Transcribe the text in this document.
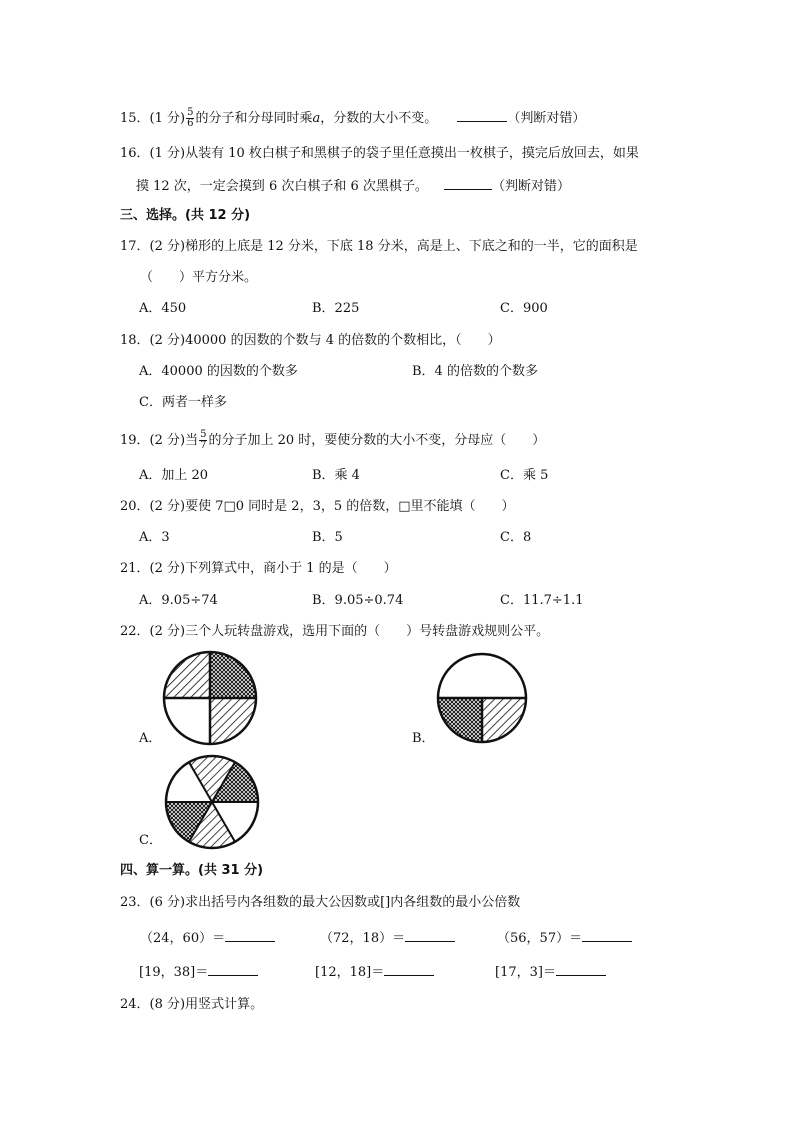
15．(1 分) $\frac{5}{6}$ 的分子和分母同时乘a，分数的大小不变。	（判断对错）
16．(1 分)从装有 10 枚白棋子和黑棋子的袋子里任意摸出一枚棋子，摸完后放回去，如果
摸 12 次，一定会摸到 6 次白棋子和 6 次黑棋子。	（判断对错）
三、选择。(共 12 分)
17．(2 分)梯形的上底是 12 分米，下底 18 分米，高是上、下底之和的一半，它的面积是
（　　）平方分米。
A．450	B．225	C．900
18．(2 分)40000 的因数的个数与 4 的倍数的个数相比，（　　）
A．40000 的因数的个数多	B．4 的倍数的个数多
C．两者一样多
19．(2 分)当 $\frac{5}{7}$ 的分子加上 20 时，要使分数的大小不变，分母应（　　）
A．加上 20	B．乘 4	C．乘 5
20．(2 分)要使 7□0 同时是 2，3，5 的倍数，□里不能填（　　）
A．3	B．5	C．8
21．(2 分)下列算式中，商小于 1 的是（　　）
A．9.05÷74	B．9.05÷0.74	C．11.7÷1.1
22．(2 分)三个人玩转盘游戏，选用下面的（　　）号转盘游戏规则公平。
A．	B．
C．
四、算一算。(共 31 分)
23．(6 分)求出括号内各组数的最大公因数或[]内各组数的最小公倍数
（24，60）＝	（72，18）＝	（56，57）＝
[19，38]＝	[12，18]＝	[17，3]＝
24．(8 分)用竖式计算。
